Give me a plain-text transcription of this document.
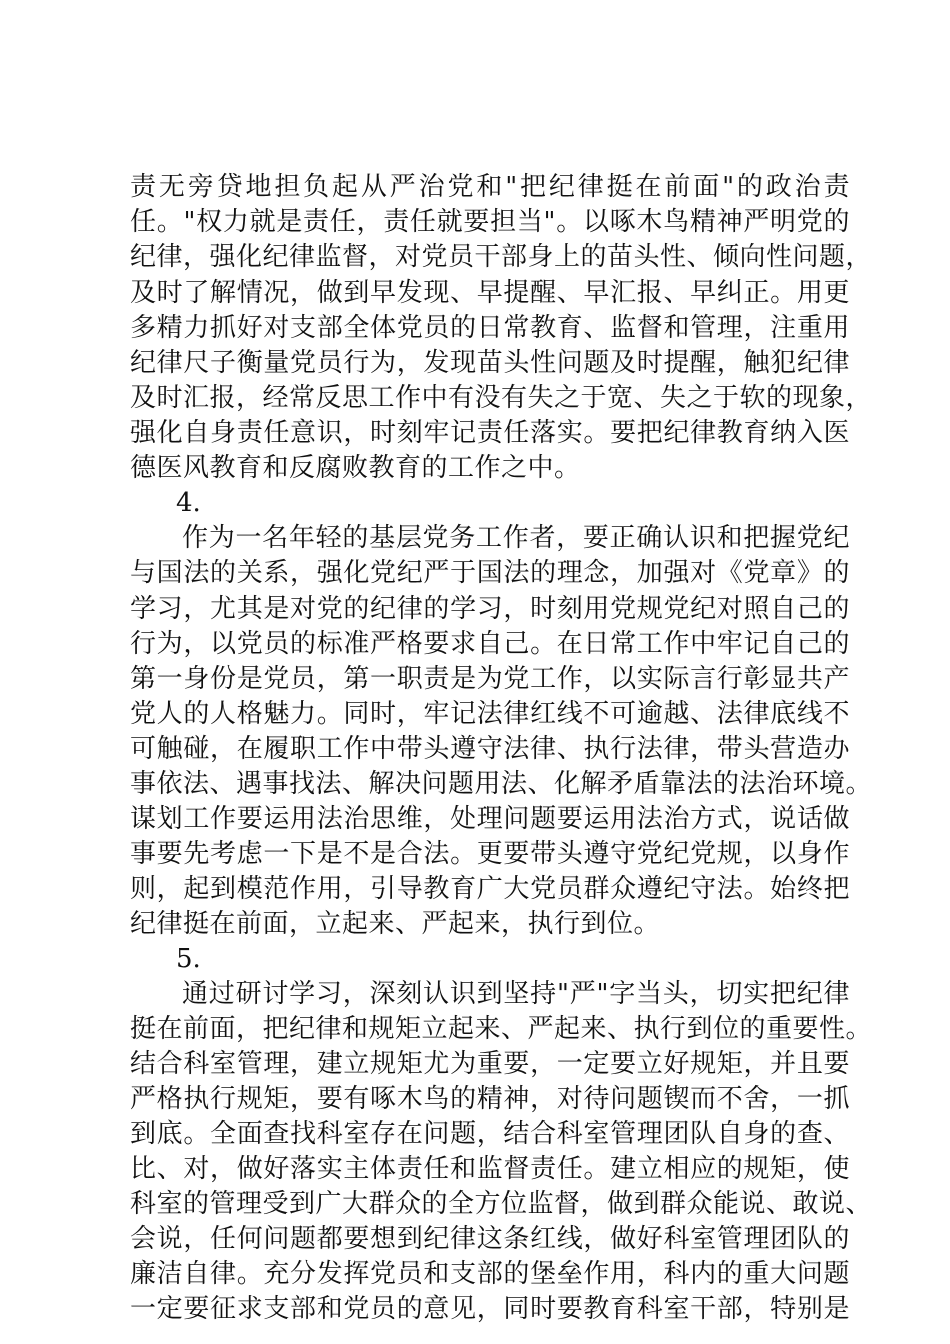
责无旁贷地担负起从严治党和"把纪律挺在前面"的政治责
任。"权力就是责任，责任就要担当"。以啄木鸟精神严明党的
纪律，强化纪律监督，对党员干部身上的苗头性、倾向性问题，
及时了解情况，做到早发现、早提醒、早汇报、早纠正。用更
多精力抓好对支部全体党员的日常教育、监督和管理，注重用
纪律尺子衡量党员行为，发现苗头性问题及时提醒，触犯纪律
及时汇报，经常反思工作中有没有失之于宽、失之于软的现象，
强化自身责任意识，时刻牢记责任落实。要把纪律教育纳入医
德医风教育和反腐败教育的工作之中。
4.
作为一名年轻的基层党务工作者，要正确认识和把握党纪
与国法的关系，强化党纪严于国法的理念，加强对《党章》的
学习，尤其是对党的纪律的学习，时刻用党规党纪对照自己的
行为，以党员的标准严格要求自己。在日常工作中牢记自己的
第一身份是党员，第一职责是为党工作，以实际言行彰显共产
党人的人格魅力。同时，牢记法律红线不可逾越、法律底线不
可触碰，在履职工作中带头遵守法律、执行法律，带头营造办
事依法、遇事找法、解决问题用法、化解矛盾靠法的法治环境。
谋划工作要运用法治思维，处理问题要运用法治方式，说话做
事要先考虑一下是不是合法。更要带头遵守党纪党规，以身作
则，起到模范作用，引导教育广大党员群众遵纪守法。始终把
纪律挺在前面，立起来、严起来，执行到位。
5.
通过研讨学习，深刻认识到坚持"严"字当头，切实把纪律
挺在前面，把纪律和规矩立起来、严起来、执行到位的重要性。
结合科室管理，建立规矩尤为重要，一定要立好规矩，并且要
严格执行规矩，要有啄木鸟的精神，对待问题锲而不舍，一抓
到底。全面查找科室存在问题，结合科室管理团队自身的查、
比、对，做好落实主体责任和监督责任。建立相应的规矩，使
科室的管理受到广大群众的全方位监督，做到群众能说、敢说、
会说，任何问题都要想到纪律这条红线，做好科室管理团队的
廉洁自律。充分发挥党员和支部的堡垒作用，科内的重大问题
一定要征求支部和党员的意见，同时要教育科室干部，特别是
